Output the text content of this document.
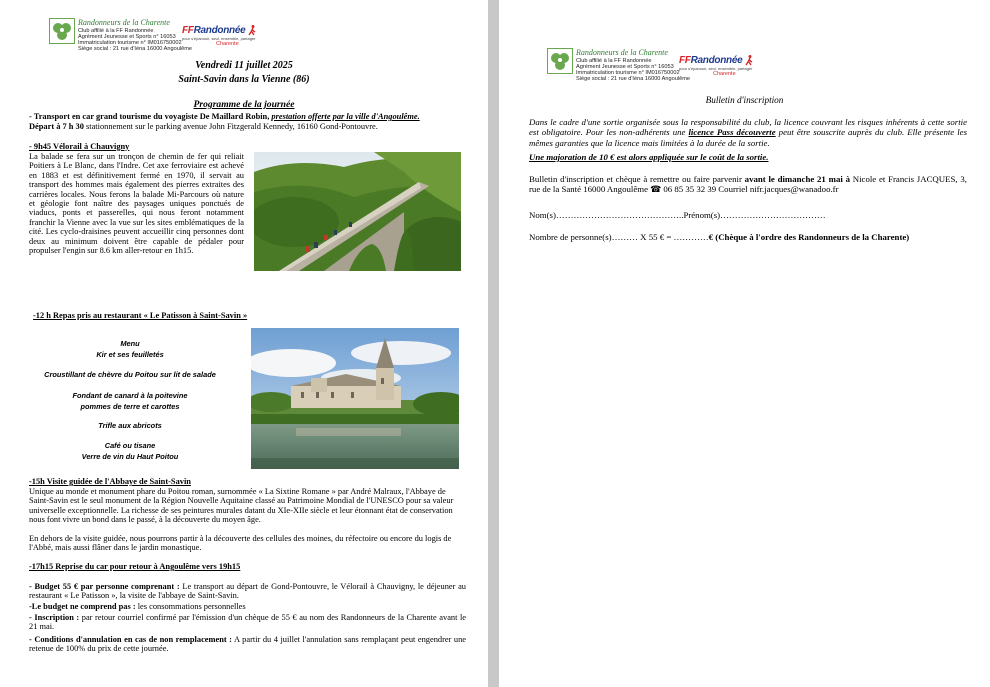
Randonneurs de la Charente
Club affilié à la FF Randonnée
Agrément Jeunesse et Sports n° 16053
Immatriculation tourisme n° IM016750002
Siège social : 21 rue d'Iéna 16000 Angoulême
FFRandonnée
pour s'épanouir, seul, ensemble, partager
Charente
Vendredi 11 juillet 2025
Saint-Savin dans la Vienne (86)
Programme de la journée
- Transport en car grand tourisme du voyagiste De Maillard Robin, prestation offerte par la ville d'Angoulême.
Départ à 7 h 30 stationnement sur le parking avenue John Fitzgerald Kennedy, 16160 Gond-Pontouvre.
- 9h45 Vélorail à Chauvigny
La balade se fera sur un tronçon de chemin de fer qui reliait Poitiers à Le Blanc, dans l'Indre. Cet axe ferroviaire est achevé en 1883 et est définitivement fermé en 1970, il servait au transport des hommes mais également des pierres extraites des carrières locales. Nous ferons la balade Mi-Parcours où nature et géologie font naître des paysages uniques ponctués de viaducs, ponts et passerelles, qui nous feront notamment franchir la Vienne avec la vue sur les sites emblématiques de la cité. Les cyclo-draisines peuvent accueillir cinq personnes dont deux au minimum doivent être capable de pédaler pour propulser l'engin sur 8.6 km aller-retour en 1h15.
-12 h Repas pris au restaurant « Le Patisson à Saint-Savin »
Menu
Kir et ses feuilletés
Croustillant de chèvre du Poitou sur lit de salade
Fondant de canard à la poitevine
pommes de terre et carottes
Trifle aux abricots
Café ou tisane
Verre de vin du Haut Poitou
-15h Visite guidée de l'Abbaye de Saint-Savin
Unique au monde et monument phare du Poitou roman, surnommée « La Sixtine Romane » par André Malraux, l'Abbaye de Saint-Savin est le seul monument de la Région Nouvelle Aquitaine classé au Patrimoine Mondial de l'UNESCO pour sa valeur universelle exceptionnelle. La richesse de ses peintures murales datant du XIe-XIIe siècle et leur étonnant état de conservation nous font vivre un bond dans le passé, à la découverte du moyen âge.
En dehors de la visite guidée, nous pourrons partir à la découverte des cellules des moines, du réfectoire ou encore du logis de l'Abbé, mais aussi flâner dans le jardin monastique.
-17h15 Reprise du car pour retour à Angoulême vers 19h15
- Budget 55 € par personne comprenant : Le transport au départ de Gond-Pontouvre, le Vélorail à Chauvigny, le déjeuner au restaurant « Le Patisson », la visite de l'abbaye de Saint-Savin.
-Le budget ne comprend pas : les consommations personnelles
- Inscription : par retour courriel confirmé par l'émission d'un chèque de 55 € au nom des Randonneurs de la Charente avant le 21 mai.
- Conditions d'annulation en cas de non remplacement : A partir du 4 juillet l'annulation sans remplaçant peut engendrer une retenue de 100% du prix de cette journée.
Randonneurs de la Charente
Club affilié à la FF Randonnée
Agrément Jeunesse et Sports n° 16053
Immatriculation tourisme n° IM016750002
Siège social : 21 rue d'Iéna 16000 Angoulême
FFRandonnée
pour s'épanouir, seul, ensemble, partager
Charente
Bulletin d'inscription
Dans le cadre d'une sortie organisée sous la responsabilité du club, la licence couvrant les risques inhérents à cette sortie est obligatoire. Pour les non-adhérents une licence Pass découverte peut être souscrite auprès du club. Elle présente les mêmes garanties que la licence mais limitées à la durée de la sortie.
Une majoration de 10 € est alors appliquée sur le coût de la sortie.
Bulletin d'inscription et chèque à remettre ou faire parvenir avant le dimanche 21 mai à Nicole et Francis JACQUES, 3, rue de la Santé 16000 Angoulême ☎ 06 85 35 32 39 Courriel nifr.jacques@wanadoo.fr
Nom(s)……………………………………..Prénom(s)………………………………
Nombre de personne(s)……… X 55 € = …………€ (Chèque à l'ordre des Randonneurs de la Charente)
